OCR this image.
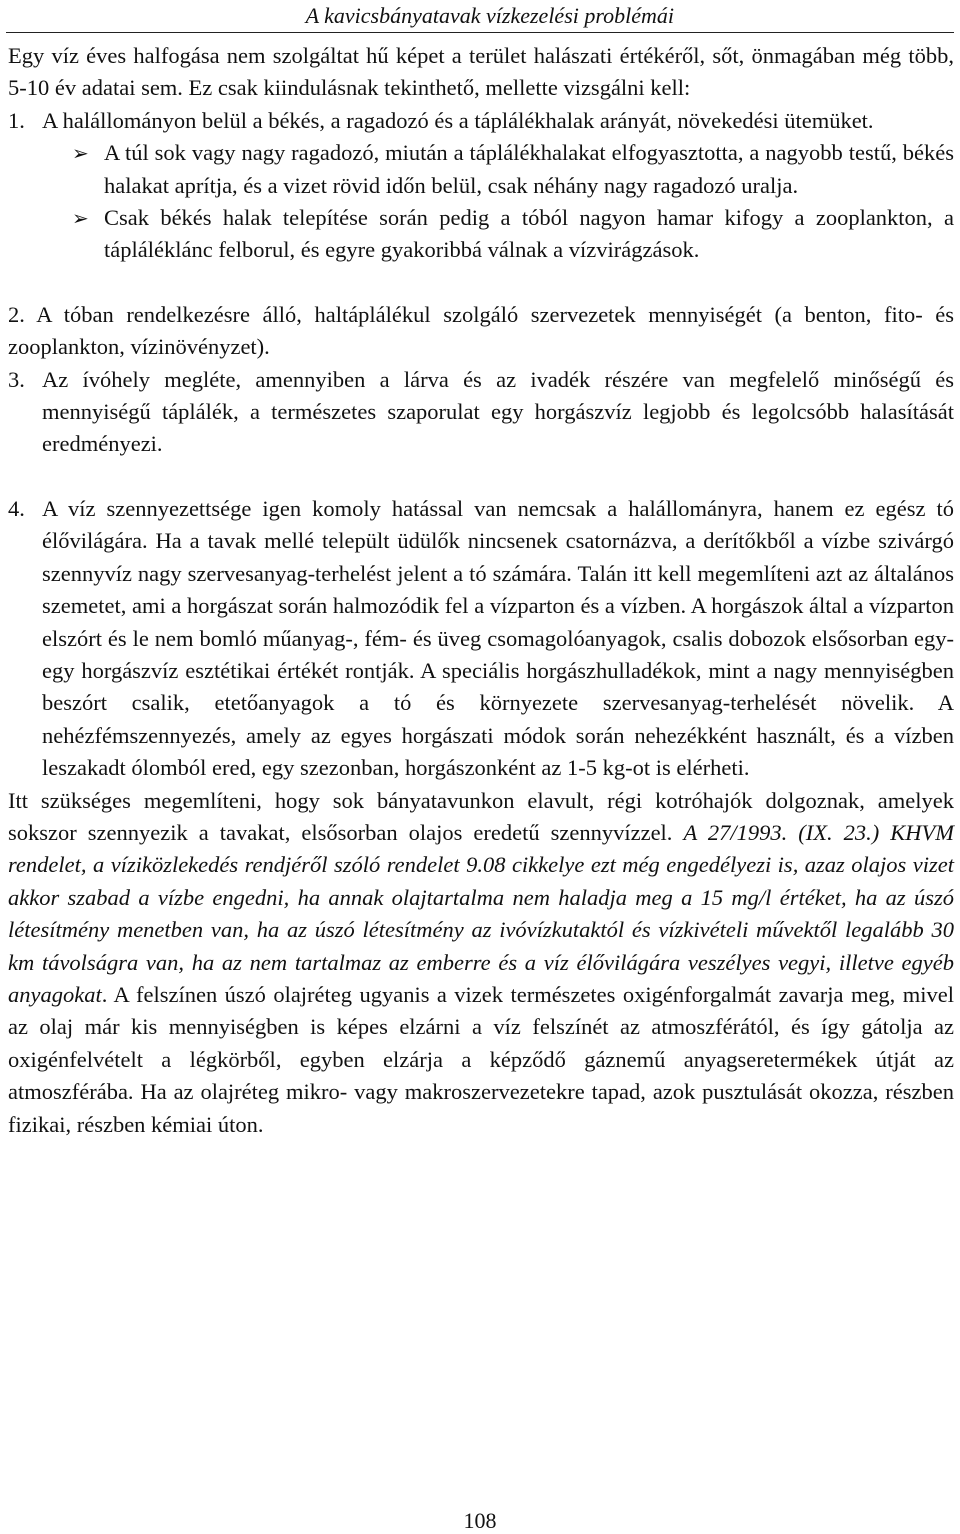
A kavicsbányatavak vízkezelési problémái

Egy víz éves halfogása nem szolgáltat hű képet a terület halászati értékéről, sőt, önmagában még több, 5-10 év adatai sem. Ez csak kiindulásnak tekinthető, mellette vizsgálni kell:

1. A halállományon belül a békés, a ragadozó és a táplálékhalak arányát, növekedési ütemüket.
➢ A túl sok vagy nagy ragadozó, miután a táplálékhalakat elfogyasztotta, a nagyobb testű, békés halakat aprítja, és a vizet rövid időn belül, csak néhány nagy ragadozó uralja.
➢ Csak békés halak telepítése során pedig a tóból nagyon hamar kifogy a zooplankton, a tápláléklánc felborul, és egyre gyakoribbá válnak a vízvirágzások.

2. A tóban rendelkezésre álló, haltáplálékul szolgáló szervezetek mennyiségét (a benton, fito- és zooplankton, vízinövényzet).

3. Az ívóhely megléte, amennyiben a lárva és az ivadék részére van megfelelő minőségű és mennyiségű táplálék, a természetes szaporulat egy horgászvíz legjobb és legolcsóbb halasítását eredményezi.
4. A víz szennyezettsége igen komoly hatással van nemcsak a halállományra, hanem ez egész tó élővilágára. Ha a tavak mellé települt üdülők nincsenek csatornázva, a derítőkből a vízbe szivárgó szennyvíz nagy szervesanyag-terhelést jelent a tó számára. Talán itt kell megemlíteni azt az általános szemetet, ami a horgászat során halmozódik fel a vízparton és a vízben. A horgászok által a vízparton elszórt és le nem bomló műanyag-, fém- és üveg csomagolóanyagok, csalis dobozok elsősorban egy-egy horgászvíz esztétikai értékét rontják. A speciális horgászhulladékok, mint a nagy mennyiségben beszórt csalik, etetőanyagok a tó és környezete szervesanyag-terhelését növelik. A nehézfémszennyezés, amely az egyes horgászati módok során nehezékként használt, és a vízben leszakadt ólomból ered, egy szezonban, horgászonként az 1-5 kg-ot is elérheti.

Itt szükséges megemlíteni, hogy sok bányatavunkon elavult, régi kotróhajók dolgoznak, amelyek sokszor szennyezik a tavakat, elsősorban olajos eredetű szennyvízzel. A 27/1993. (IX. 23.) KHVM rendelet, a víziközlekedés rendjéről szóló rendelet 9.08 cikkelye ezt még engedélyezi is, azaz olajos vizet akkor szabad a vízbe engedni, ha annak olajtartalma nem haladja meg a 15 mg/l értéket, ha az úszó létesítmény menetben van, ha az úszó létesítmény az ivóvízkutaktól és vízkivételi művektől legalább 30 km távolságra van, ha az nem tartalmaz az emberre és a víz élővilágára veszélyes vegyi, illetve egyéb anyagokat. A felszínen úszó olajréteg ugyanis a vizek természetes oxigénforgalmát zavarja meg, mivel az olaj már kis mennyiségben is képes elzárni a víz felszínét az atmoszférától, és így gátolja az oxigénfelvételt a légkörből, egyben elzárja a képződő gáznemű anyagseretermékek útját az atmoszférába. Ha az olajréteg mikro- vagy makroszervezetekre tapad, azok pusztulását okozza, részben fizikai, részben kémiai úton.

108
